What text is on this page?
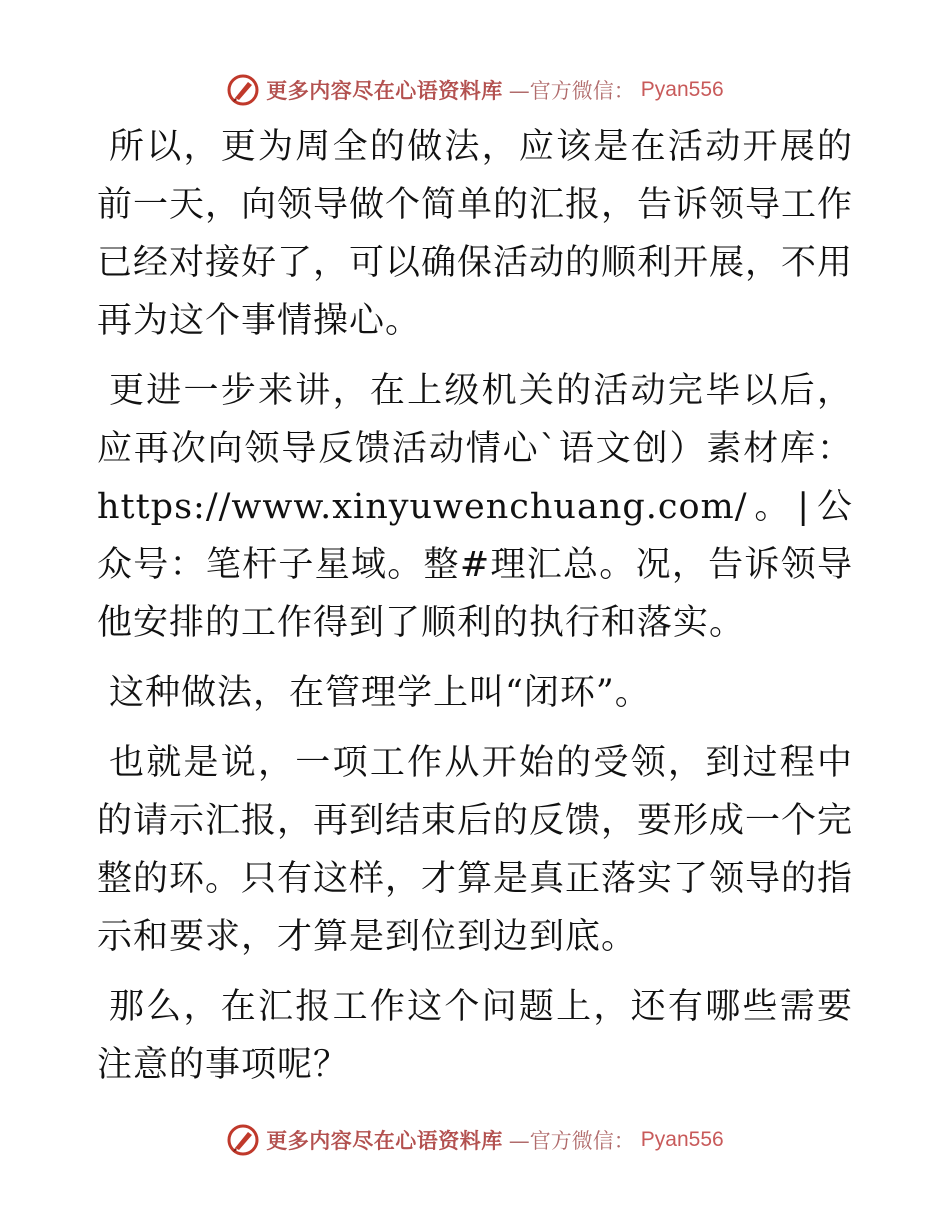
更多内容尽在心语资料库 —官方微信： Pyan556

所以，更为周全的做法，应该是在活动开展的前一天，向领导做个简单的汇报，告诉领导工作已经对接好了，可以确保活动的顺利开展，不用再为这个事情操心。

更进一步来讲，在上级机关的活动完毕以后，应再次向领导反馈活动情心`语文创）素材库：https://www.xinyuwenchuang.com/。|公众号：笔杆子星域。整#理汇总。况，告诉领导他安排的工作得到了顺利的执行和落实。

这种做法，在管理学上叫“闭环”。

也就是说，一项工作从开始的受领，到过程中的请示汇报，再到结束后的反馈，要形成一个完整的环。只有这样，才算是真正落实了领导的指示和要求，才算是到位到边到底。

那么，在汇报工作这个问题上，还有哪些需要注意的事项呢？

更多内容尽在心语资料库 —官方微信： Pyan556
